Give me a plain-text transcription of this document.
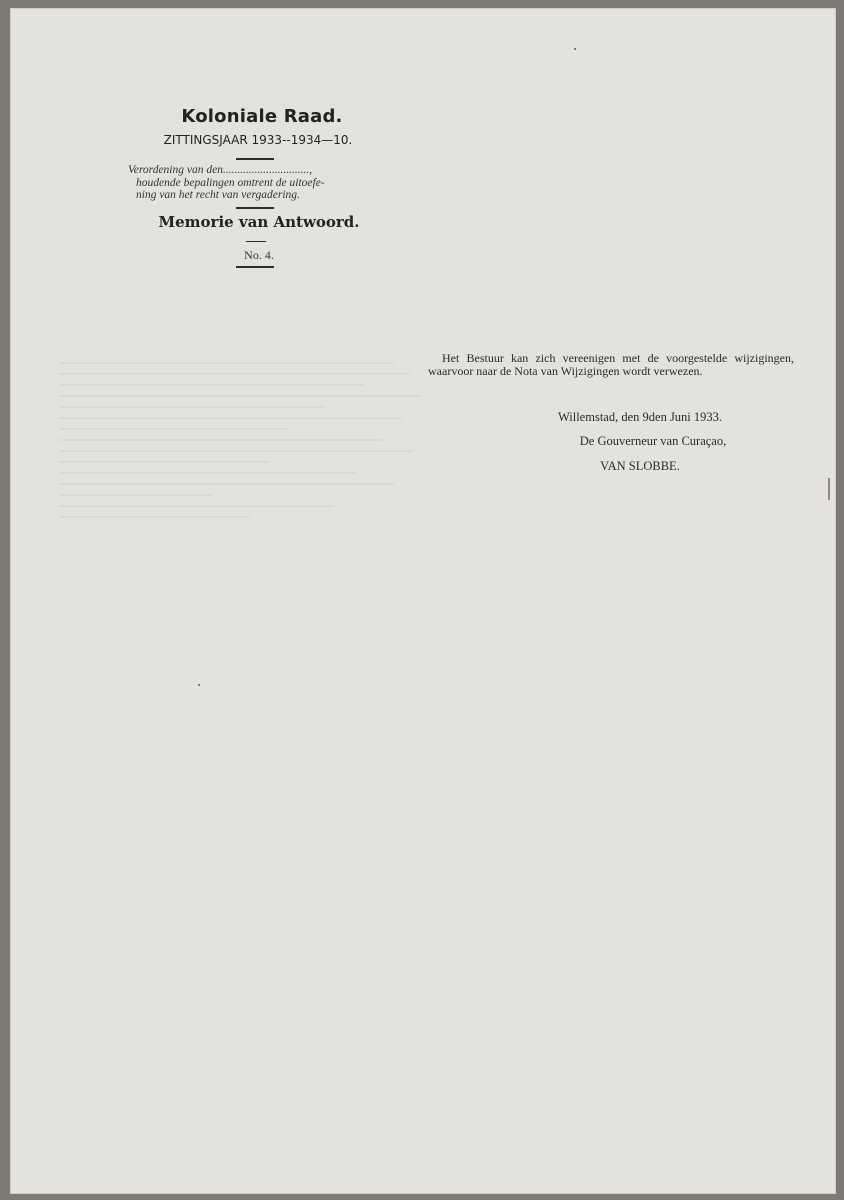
Koloniale Raad.
ZITTINGSJAAR 1933--1934—10.
Verordening van den..............................,
houdende bepalingen omtrent de uitoefe-
ning van het recht van vergadering.
Memorie van Antwoord.
No. 4.
Het Bestuur kan zich vereenigen met de voorgestelde wijzigingen, waarvoor naar de Nota van Wijzigingen wordt verwezen.
Willemstad, den 9den Juni 1933.
De Gouverneur van Curaçao,
VAN SLOBBE.
